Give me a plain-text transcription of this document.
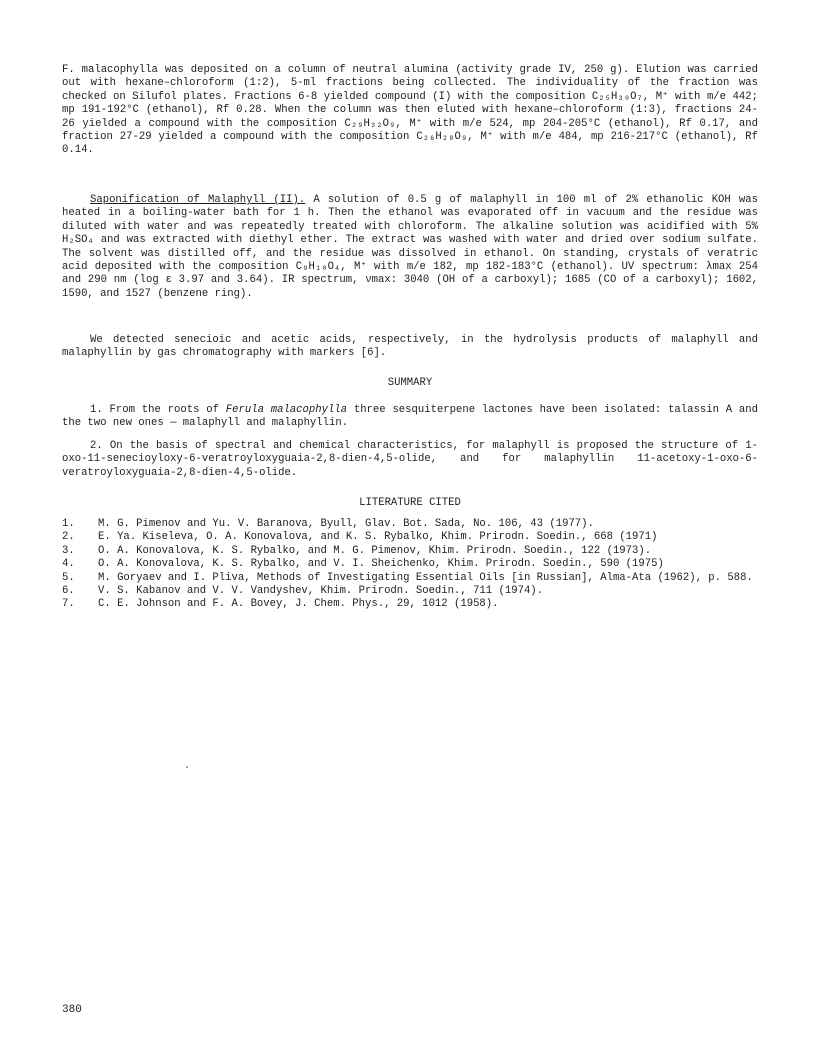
F. malacophylla was deposited on a column of neutral alumina (activity grade IV, 250 g). Elution was carried out with hexane–chloroform (1:2), 5-ml fractions being collected. The individuality of the fraction was checked on Silufol plates. Fractions 6-8 yielded compound (I) with the composition C₂₅H₃₀O₇, M⁺ with m/e 442; mp 191-192°C (ethanol), Rf 0.28. When the column was then eluted with hexane–chloroform (1:3), fractions 24-26 yielded a compound with the composition C₂₉H₃₂O₉, M⁺ with m/e 524, mp 204-205°C (ethanol), Rf 0.17, and fraction 27-29 yielded a compound with the composition C₂₆H₂₈O₉, M⁺ with m/e 484, mp 216-217°C (ethanol), Rf 0.14.

Saponification of Malaphyll (II). A solution of 0.5 g of malaphyll in 100 ml of 2% ethanolic KOH was heated in a boiling-water bath for 1 h. Then the ethanol was evaporated off in vacuum and the residue was diluted with water and was repeatedly treated with chloroform. The alkaline solution was acidified with 5% H₂SO₄ and was extracted with diethyl ether. The extract was washed with water and dried over sodium sulfate. The solvent was distilled off, and the residue was dissolved in ethanol. On standing, crystals of veratric acid deposited with the composition C₉H₁₀O₄, M⁺ with m/e 182, mp 182-183°C (ethanol). UV spectrum: λmax 254 and 290 nm (log ε 3.97 and 3.64). IR spectrum, νmax: 3040 (OH of a carboxyl); 1685 (CO of a carboxyl); 1602, 1590, and 1527 (benzene ring).

We detected senecioic and acetic acids, respectively, in the hydrolysis products of malaphyll and malaphyllin by gas chromatography with markers [6].

SUMMARY

1. From the roots of Ferula malacophylla three sesquiterpene lactones have been isolated: talassin A and the two new ones — malaphyll and malaphyllin.

2. On the basis of spectral and chemical characteristics, for malaphyll is proposed the structure of 1-oxo-11-senecioyloxy-6-veratroyloxyguaia-2,8-dien-4,5-olide, and for malaphyllin 11-acetoxy-1-oxo-6-veratroyloxyguaia-2,8-dien-4,5-olide.

LITERATURE CITED
1. M. G. Pimenov and Yu. V. Baranova, Byull, Glav. Bot. Sada, No. 106, 43 (1977).
2. E. Ya. Kiseleva, O. A. Konovalova, and K. S. Rybalko, Khim. Prirodn. Soedin., 668 (1971)
3. O. A. Konovalova, K. S. Rybalko, and M. G. Pimenov, Khim. Prirodn. Soedin., 122 (1973).
4. O. A. Konovalova, K. S. Rybalko, and V. I. Sheichenko, Khim. Prirodn. Soedin., 590 (1975)
5. M. Goryaev and I. Pliva, Methods of Investigating Essential Oils [in Russian], Alma-Ata (1962), p. 588.
6. V. S. Kabanov and V. V. Vandyshev, Khim. Prirodn. Soedin., 711 (1974).
7. C. E. Johnson and F. A. Bovey, J. Chem. Phys., 29, 1012 (1958).
380
